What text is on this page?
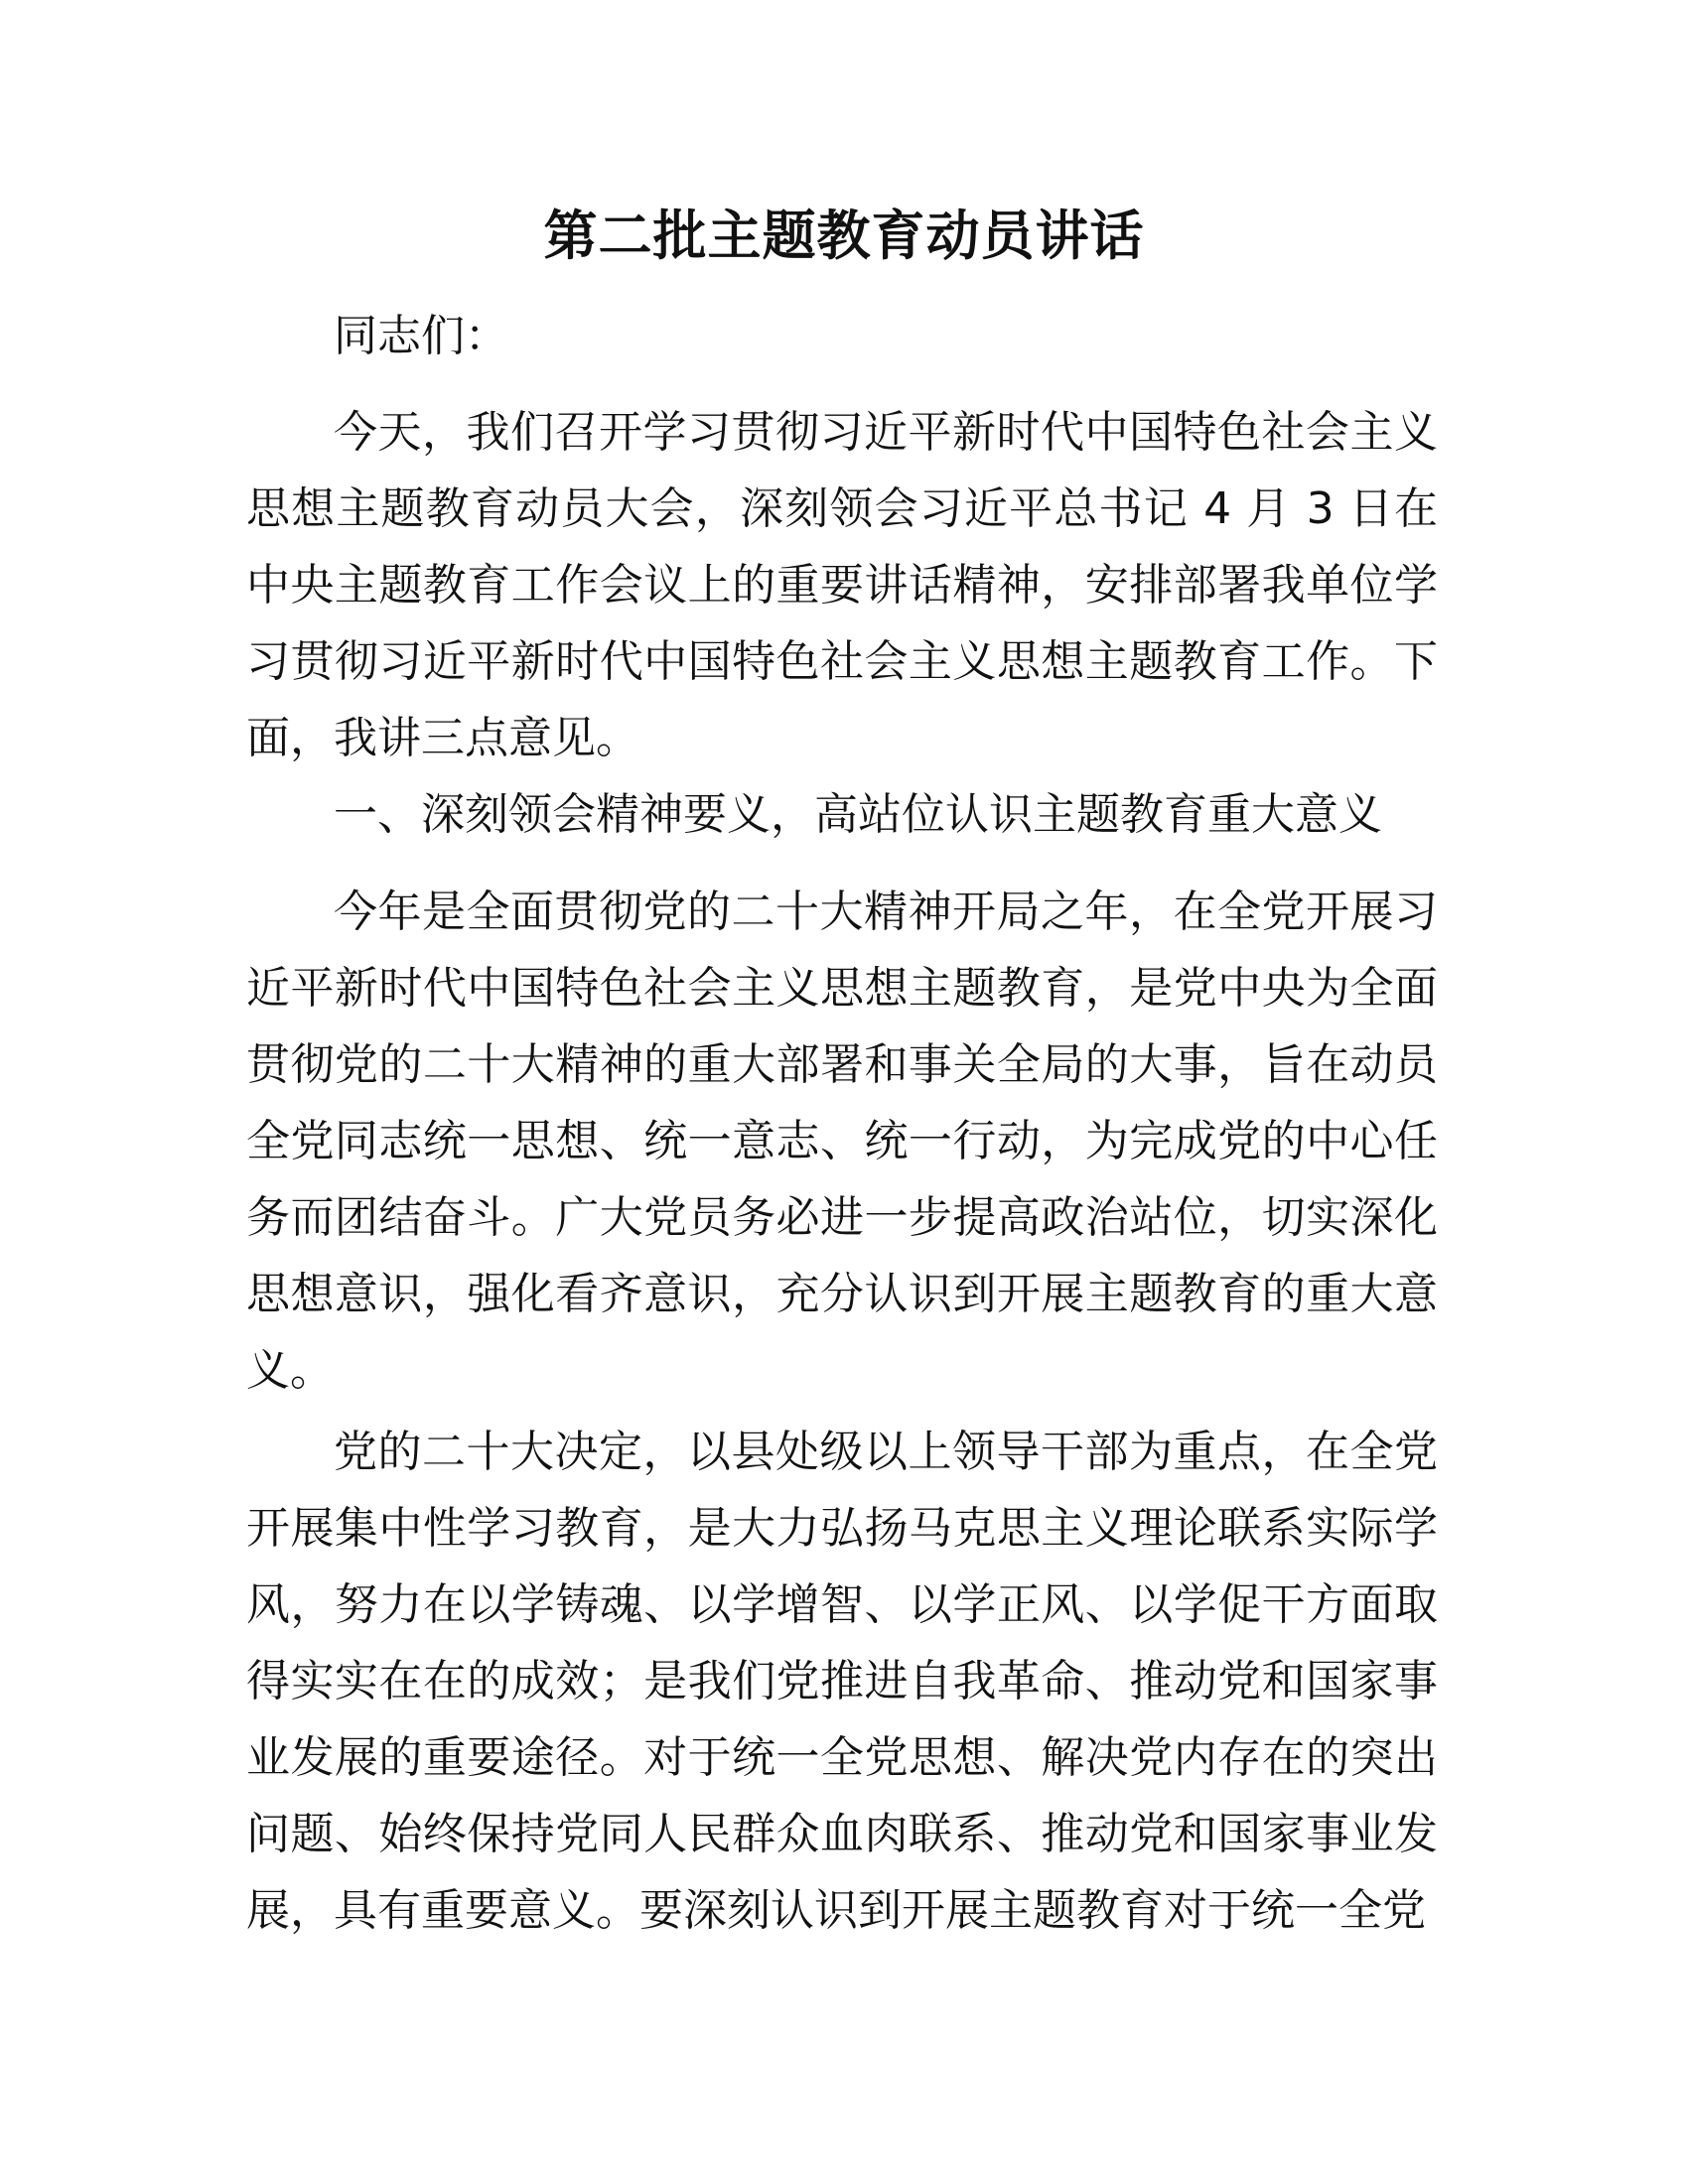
第二批主题教育动员讲话

同志们：

今天，我们召开学习贯彻习近平新时代中国特色社会主义思想主题教育动员大会，深刻领会习近平总书记 4 月 3 日在中央主题教育工作会议上的重要讲话精神，安排部署我单位学习贯彻习近平新时代中国特色社会主义思想主题教育工作。下面，我讲三点意见。

一、深刻领会精神要义，高站位认识主题教育重大意义

今年是全面贯彻党的二十大精神开局之年，在全党开展习近平新时代中国特色社会主义思想主题教育，是党中央为全面贯彻党的二十大精神的重大部署和事关全局的大事，旨在动员全党同志统一思想、统一意志、统一行动，为完成党的中心任务而团结奋斗。广大党员务必进一步提高政治站位，切实深化思想意识，强化看齐意识，充分认识到开展主题教育的重大意义。

党的二十大决定，以县处级以上领导干部为重点，在全党开展集中性学习教育，是大力弘扬马克思主义理论联系实际学风，努力在以学铸魂、以学增智、以学正风、以学促干方面取得实实在在的成效；是我们党推进自我革命、推动党和国家事业发展的重要途径。对于统一全党思想、解决党内存在的突出问题、始终保持党同人民群众血肉联系、推动党和国家事业发展，具有重要意义。要深刻认识到开展主题教育对于统一全党
